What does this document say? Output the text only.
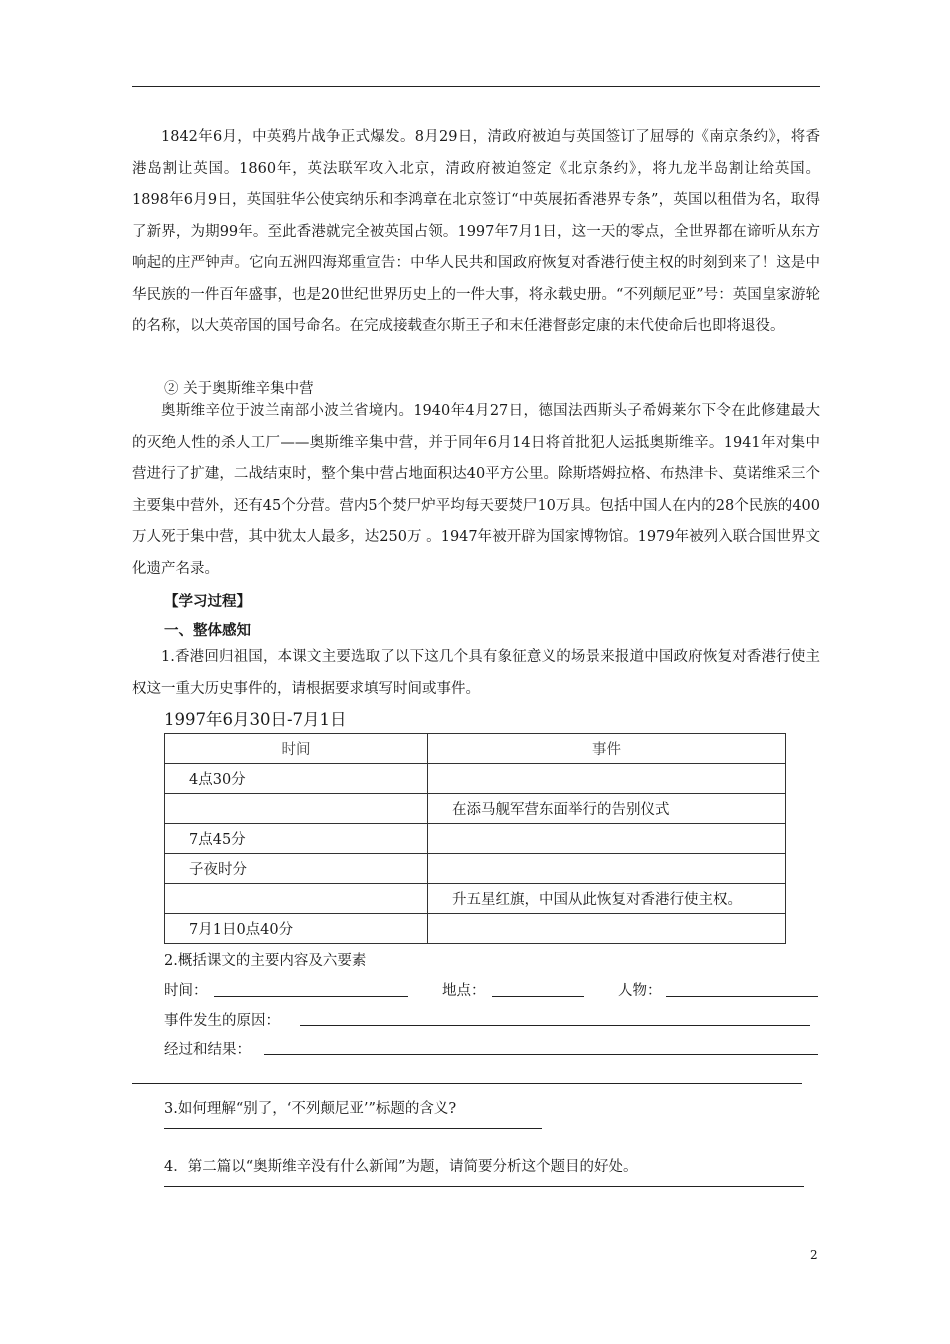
1842年6月，中英鸦片战争正式爆发。8月29日，清政府被迫与英国签订了屈辱的《南京条约》，将香港岛割让英国。1860年，英法联军攻入北京，清政府被迫签定《北京条约》，将九龙半岛割让给英国。1898年6月9日，英国驻华公使宾纳乐和李鸿章在北京签订“中英展拓香港界专条”，英国以租借为名，取得了新界，为期99年。至此香港就完全被英国占领。1997年7月1日，这一天的零点，全世界都在谛听从东方响起的庄严钟声。它向五洲四海郑重宣告：中华人民共和国政府恢复对香港行使主权的时刻到来了！这是中华民族的一件百年盛事，也是20世纪世界历史上的一件大事，将永载史册。“不列颠尼亚”号：英国皇家游轮的名称，以大英帝国的国号命名。在完成接载查尔斯王子和末任港督彭定康的末代使命后也即将退役。

② 关于奥斯维辛集中营

奥斯维辛位于波兰南部小波兰省境内。1940年4月27日，德国法西斯头子希姆莱尔下令在此修建最大的灭绝人性的杀人工厂——奥斯维辛集中营，并于同年6月14日将首批犯人运抵奥斯维辛。1941年对集中营进行了扩建，二战结束时，整个集中营占地面积达40平方公里。除斯塔姆拉格、布热津卡、莫诺维采三个主要集中营外，还有45个分营。营内5个焚尸炉平均每天要焚尸10万具。包括中国人在内的28个民族的400万人死于集中营，其中犹太人最多，达250万 。1947年被开辟为国家博物馆。1979年被列入联合国世界文化遗产名录。

【学习过程】
一、整体感知

1.香港回归祖国，本课文主要选取了以下这几个具有象征意义的场景来报道中国政府恢复对香港行使主权这一重大历史事件的，请根据要求填写时间或事件。

1997年6月30日-7月1日
时间	事件
4点30分	
	在添马舰军营东面举行的告别仪式
7点45分	
子夜时分	
	升五星红旗，中国从此恢复对香港行使主权。
7月1日0点40分	
2.概括课文的主要内容及六要素
时间：	地点：	人物：
事件发生的原因：
经过和结果：
3.如何理解“别了，‘不列颠尼亚’”标题的含义?
4．第二篇以“奥斯维辛没有什么新闻”为题，请简要分析这个题目的好处。
2
